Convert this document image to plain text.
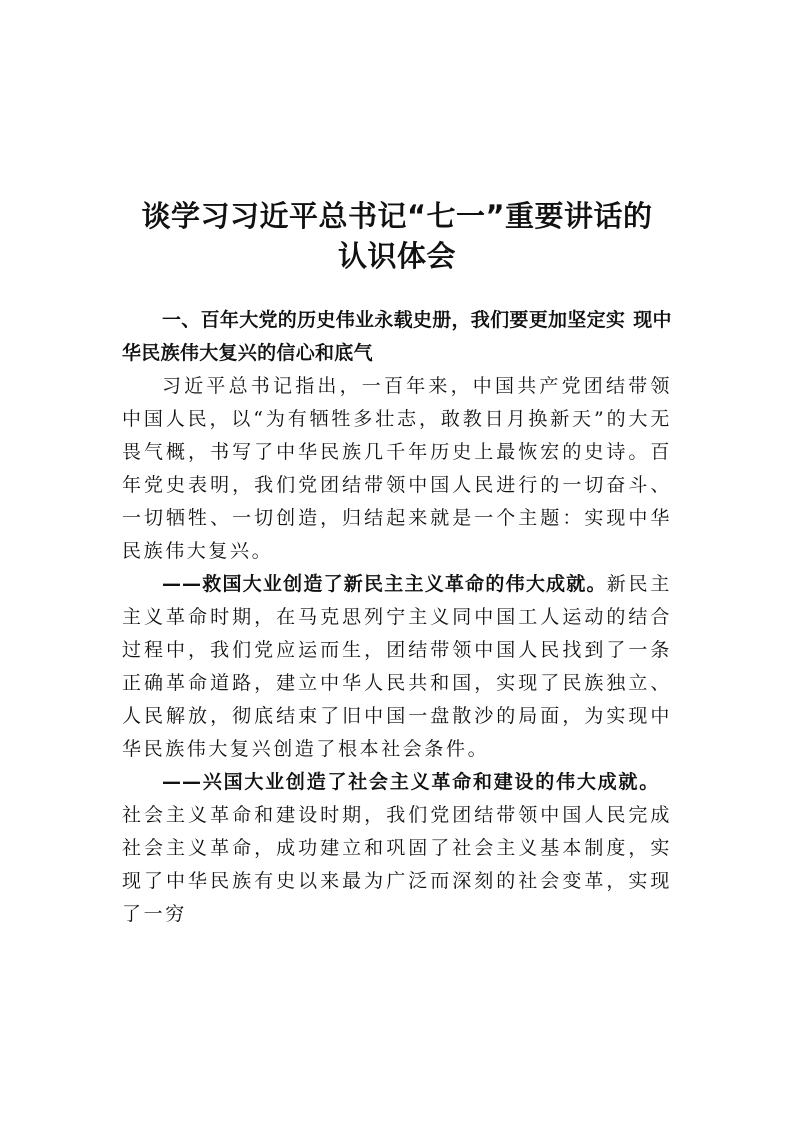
谈学习习近平总书记“七一”重要讲话的
认识体会
一、百年大党的历史伟业永载史册，我们要更加坚定实 现中华民族伟大复兴的信心和底气

习近平总书记指出，一百年来，中国共产党团结带领中国人民，以“为有牺牲多壮志，敢教日月换新天”的大无畏气概，书写了中华民族几千年历史上最恢宏的史诗。百年党史表明，我们党团结带领中国人民进行的一切奋斗、一切牺牲、一切创造，归结起来就是一个主题：实现中华民族伟大复兴。

——救国大业创造了新民主主义革命的伟大成就。新民主主义革命时期，在马克思列宁主义同中国工人运动的结合过程中，我们党应运而生，团结带领中国人民找到了一条正确革命道路，建立中华人民共和国，实现了民族独立、人民解放，彻底结束了旧中国一盘散沙的局面，为实现中华民族伟大复兴创造了根本社会条件。

——兴国大业创造了社会主义革命和建设的伟大成就。社会主义革命和建设时期，我们党团结带领中国人民完成社会主义革命，成功建立和巩固了社会主义基本制度，实现了中华民族有史以来最为广泛而深刻的社会变革，实现了一穷
